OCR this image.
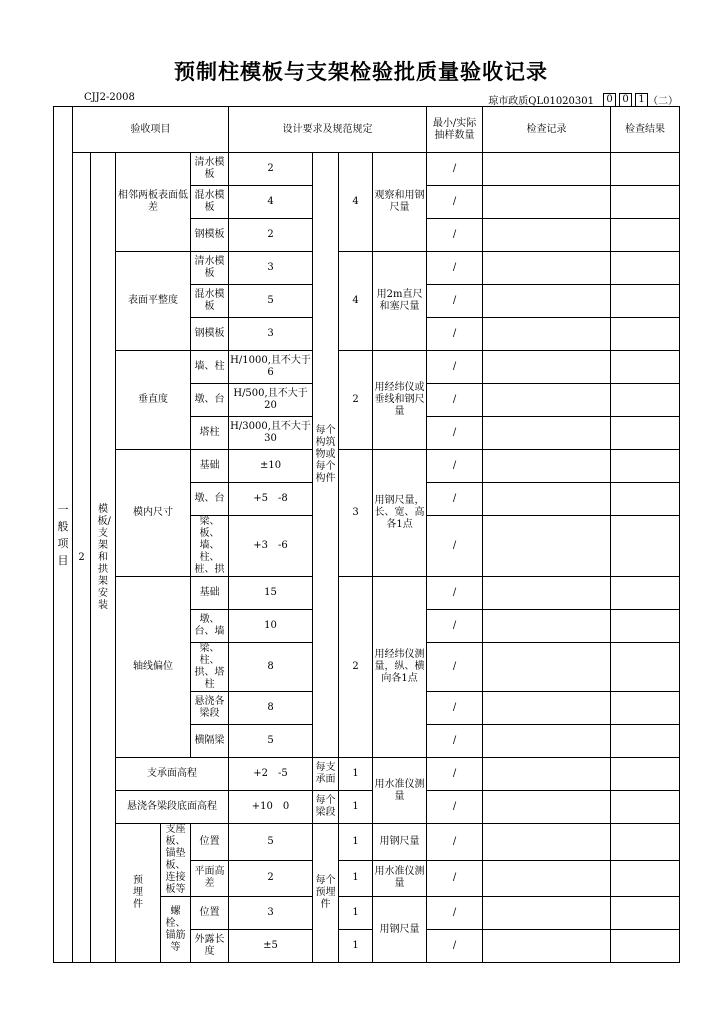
预制柱模板与支架检验批质量验收记录
CJJ2-2008	琼市政质QL01020301	0 0 1 （二）
一般项目	验收项目					设计要求及规范规定				最小/实际抽样数量	检查记录	检查结果
	2	模板/支架和拱架安装	相邻两板表面低差		清水模板	2	每个构筑物或每个构件	4	观察和用钢尺量	/		
					混水模板	4				/		
					钢模板	2				/		
			表面平整度		清水模板	3		4	用2m直尺和塞尺量	/		
					混水模板	5				/		
					钢模板	3				/		
			垂直度		墙、柱	H/1000,且不大于6		2	用经纬仪或垂线和钢尺量	/		
					墩、台	H/500,且不大于20				/		
					塔柱	H/3000,且不大于30				/		
			模内尺寸		基础	±10		3	用钢尺量，长、宽、高各1点	/		
					墩、台	+5　-8				/		
					梁、板、墙、柱、桩、拱	+3　-6				/		
			轴线偏位		基础	15		2	用经纬仪测量，纵、横向各1点	/		
					墩、台、墙	10				/		
					梁、柱、拱、塔柱	8				/		
					悬浇各梁段	8				/		
					横隔梁	5				/		
			支承面高程			+2　-5	每支承面	1	用水准仪测量	/		
			悬浇各梁段底面高程			+10　0	每个梁段	1		/		
			预埋件	支座板、锚垫板、连接板等	位置	5	每个预埋件	1	用钢尺量	/		
					平面高差	2		1	用水准仪测量	/		
				螺栓、锚筋等	位置	3		1	用钢尺量	/		
					外露长度	±5		1		/		
